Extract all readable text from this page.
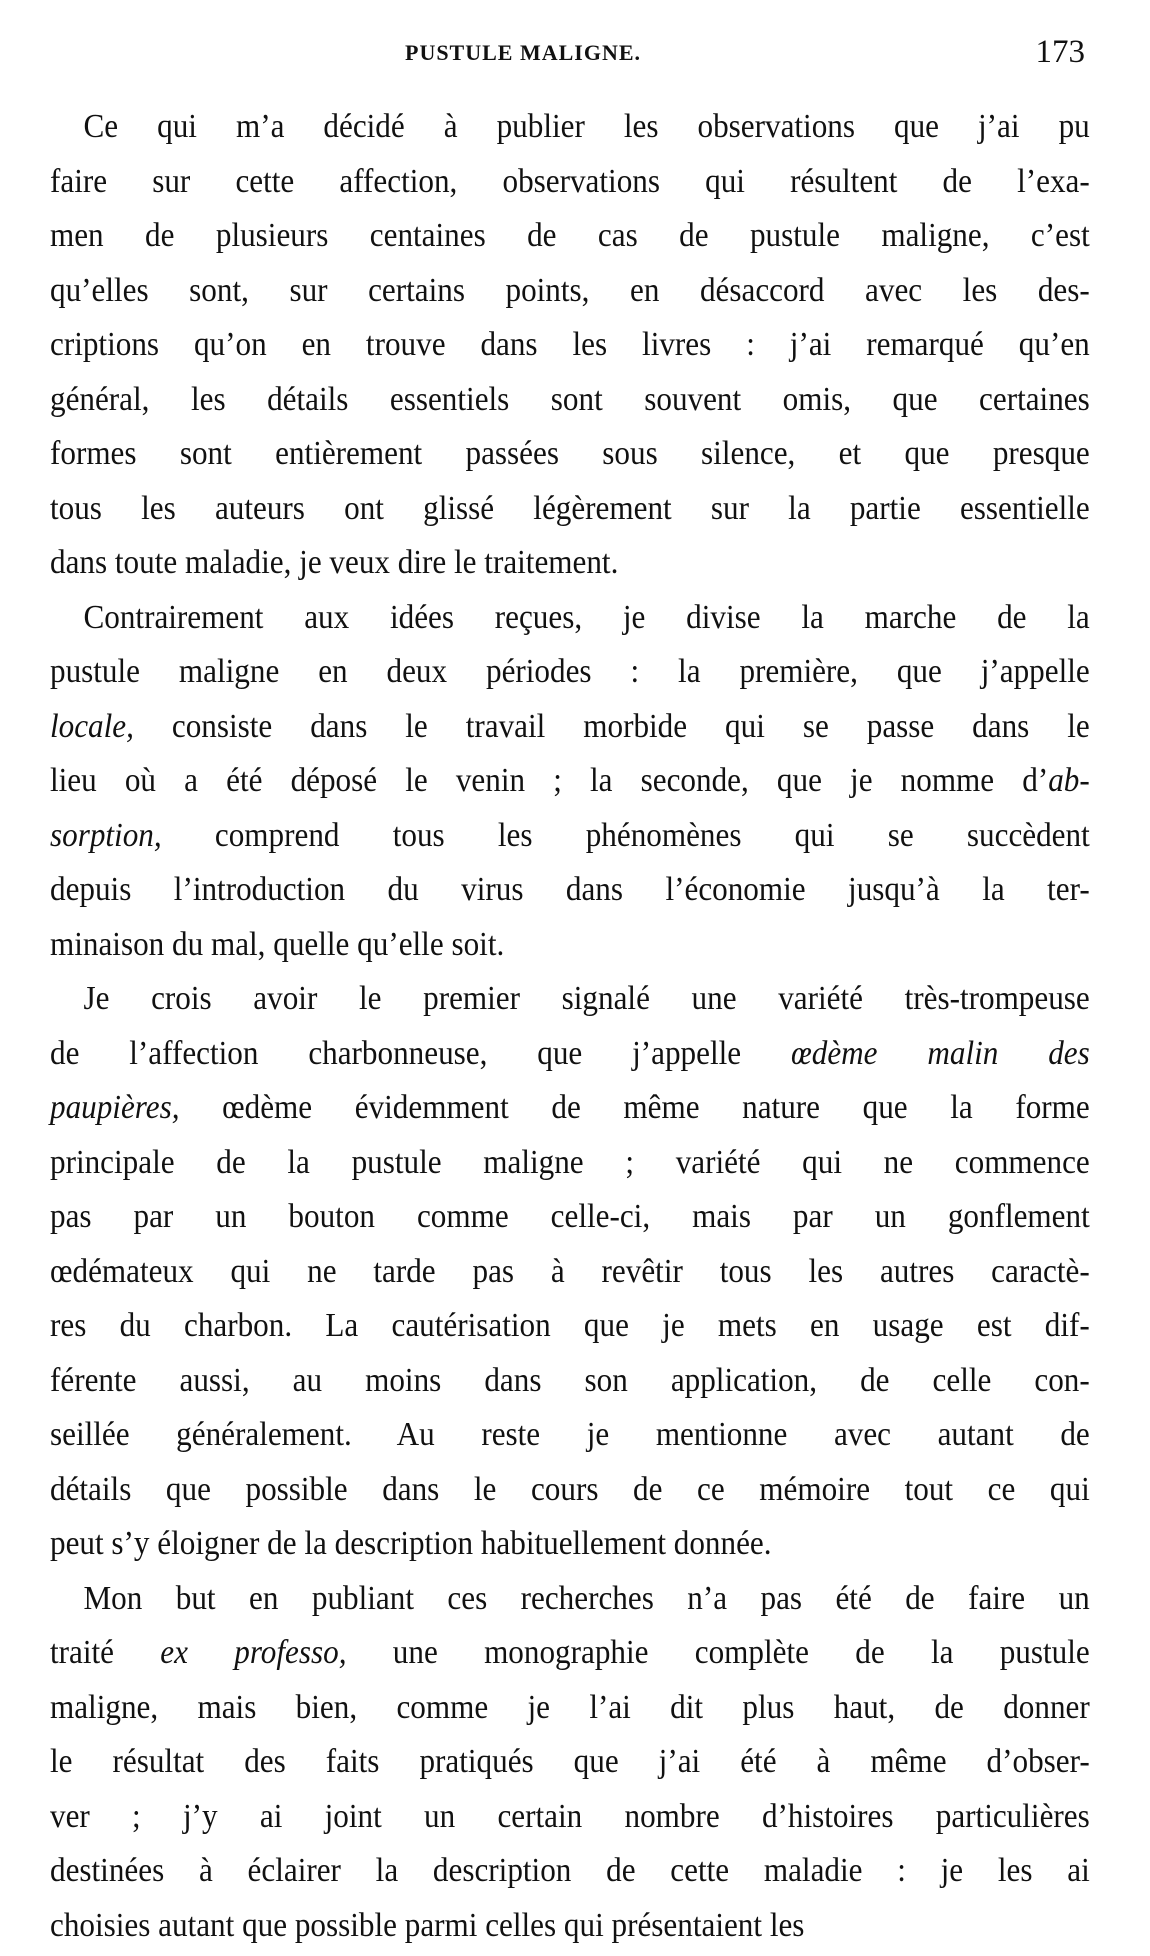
PUSTULE MALIGNE.	173
Ce qui m’a décidé à publier les observations que j’ai pu
faire sur cette affection, observations qui résultent de l’exa-
men de plusieurs centaines de cas de pustule maligne, c’est
qu’elles sont, sur certains points, en désaccord avec les des-
criptions qu’on en trouve dans les livres : j’ai remarqué qu’en
général, les détails essentiels sont souvent omis, que certaines
formes sont entièrement passées sous silence, et que presque
tous les auteurs ont glissé légèrement sur la partie essentielle
dans toute maladie, je veux dire le traitement.
Contrairement aux idées reçues, je divise la marche de la
pustule maligne en deux périodes : la première, que j’appelle
locale, consiste dans le travail morbide qui se passe dans le
lieu où a été déposé le venin ; la seconde, que je nomme d’ab-
sorption, comprend tous les phénomènes qui se succèdent
depuis l’introduction du virus dans l’économie jusqu’à la ter-
minaison du mal, quelle qu’elle soit.
Je crois avoir le premier signalé une variété très-trompeuse
de l’affection charbonneuse, que j’appelle œdème malin des
paupières, œdème évidemment de même nature que la forme
principale de la pustule maligne ; variété qui ne commence
pas par un bouton comme celle-ci, mais par un gonflement
œdémateux qui ne tarde pas à revêtir tous les autres caractè-
res du charbon. La cautérisation que je mets en usage est dif-
férente aussi, au moins dans son application, de celle con-
seillée généralement. Au reste je mentionne avec autant de
détails que possible dans le cours de ce mémoire tout ce qui
peut s’y éloigner de la description habituellement donnée.
Mon but en publiant ces recherches n’a pas été de faire un
traité ex professo, une monographie complète de la pustule
maligne, mais bien, comme je l’ai dit plus haut, de donner
le résultat des faits pratiqués que j’ai été à même d’obser-
ver ; j’y ai joint un certain nombre d’histoires particulières
destinées à éclairer la description de cette maladie : je les ai
choisies autant que possible parmi celles qui présentaient les
